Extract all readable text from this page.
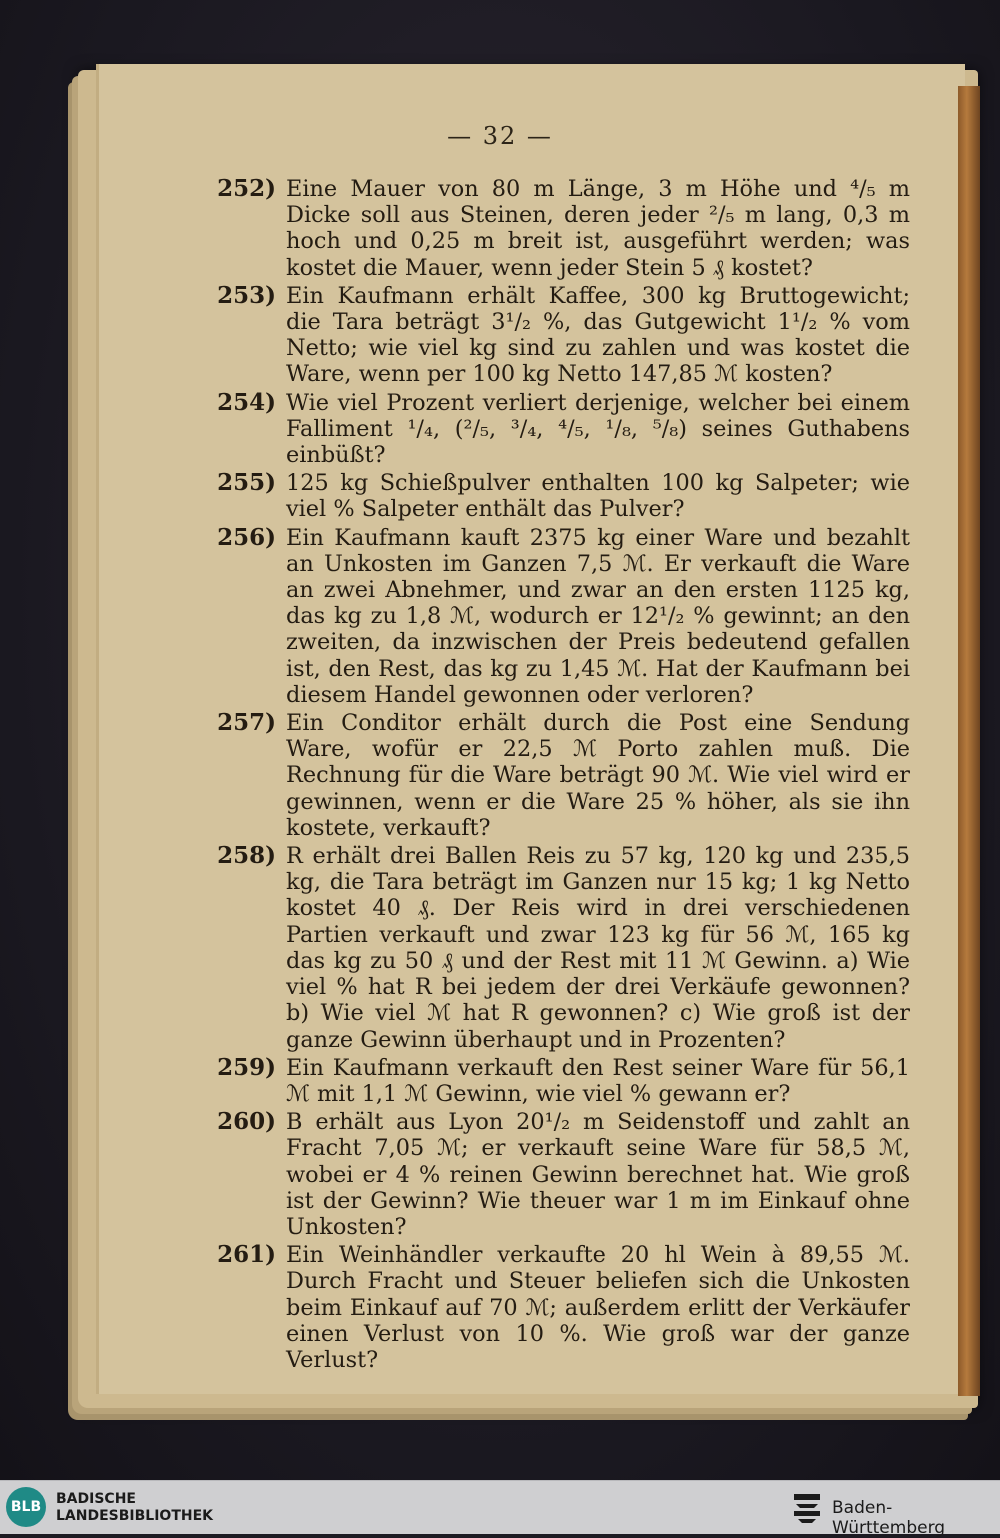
— 32 —

252) Eine Mauer von 80 m Länge, 3 m Höhe und ⁴/₅ m Dicke soll aus Steinen, deren jeder ²/₅ m lang, 0,3 m hoch und 0,25 m breit ist, ausgeführt werden; was kostet die Mauer, wenn jeder Stein 5 ₰ kostet?

253) Ein Kaufmann erhält Kaffee, 300 kg Bruttogewicht; die Tara beträgt 3¹/₂ %, das Gutgewicht 1¹/₂ % vom Netto; wie viel kg sind zu zahlen und was kostet die Ware, wenn per 100 kg Netto 147,85 ℳ kosten?

254) Wie viel Prozent verliert derjenige, welcher bei einem Falliment ¹/₄, (²/₅, ³/₄, ⁴/₅, ¹/₈, ⁵/₈) seines Guthabens einbüßt?

255) 125 kg Schießpulver enthalten 100 kg Salpeter; wie viel % Salpeter enthält das Pulver?

256) Ein Kaufmann kauft 2375 kg einer Ware und bezahlt an Unkosten im Ganzen 7,5 ℳ. Er verkauft die Ware an zwei Abnehmer, und zwar an den ersten 1125 kg, das kg zu 1,8 ℳ, wodurch er 12¹/₂ % gewinnt; an den zweiten, da inzwischen der Preis bedeutend gefallen ist, den Rest, das kg zu 1,45 ℳ. Hat der Kaufmann bei diesem Handel gewonnen oder verloren?

257) Ein Conditor erhält durch die Post eine Sendung Ware, wofür er 22,5 ℳ Porto zahlen muß. Die Rechnung für die Ware beträgt 90 ℳ. Wie viel wird er gewinnen, wenn er die Ware 25 % höher, als sie ihn kostete, verkauft?

258) R erhält drei Ballen Reis zu 57 kg, 120 kg und 235,5 kg, die Tara beträgt im Ganzen nur 15 kg; 1 kg Netto kostet 40 ₰. Der Reis wird in drei verschiedenen Partien verkauft und zwar 123 kg für 56 ℳ, 165 kg das kg zu 50 ₰ und der Rest mit 11 ℳ Gewinn. a) Wie viel % hat R bei jedem der drei Verkäufe gewonnen? b) Wie viel ℳ hat R gewonnen? c) Wie groß ist der ganze Gewinn überhaupt und in Prozenten?

259) Ein Kaufmann verkauft den Rest seiner Ware für 56,1 ℳ mit 1,1 ℳ Gewinn, wie viel % gewann er?

260) B erhält aus Lyon 20¹/₂ m Seidenstoff und zahlt an Fracht 7,05 ℳ; er verkauft seine Ware für 58,5 ℳ, wobei er 4 % reinen Gewinn berechnet hat. Wie groß ist der Gewinn? Wie theuer war 1 m im Einkauf ohne Unkosten?

261) Ein Weinhändler verkaufte 20 hl Wein à 89,55 ℳ. Durch Fracht und Steuer beliefen sich die Unkosten beim Einkauf auf 70 ℳ; außerdem erlitt der Verkäufer einen Verlust von 10 %. Wie groß war der ganze Verlust?

BLB	BADISCHE
LANDESBIBLIOTHEK	Baden-Württemberg
